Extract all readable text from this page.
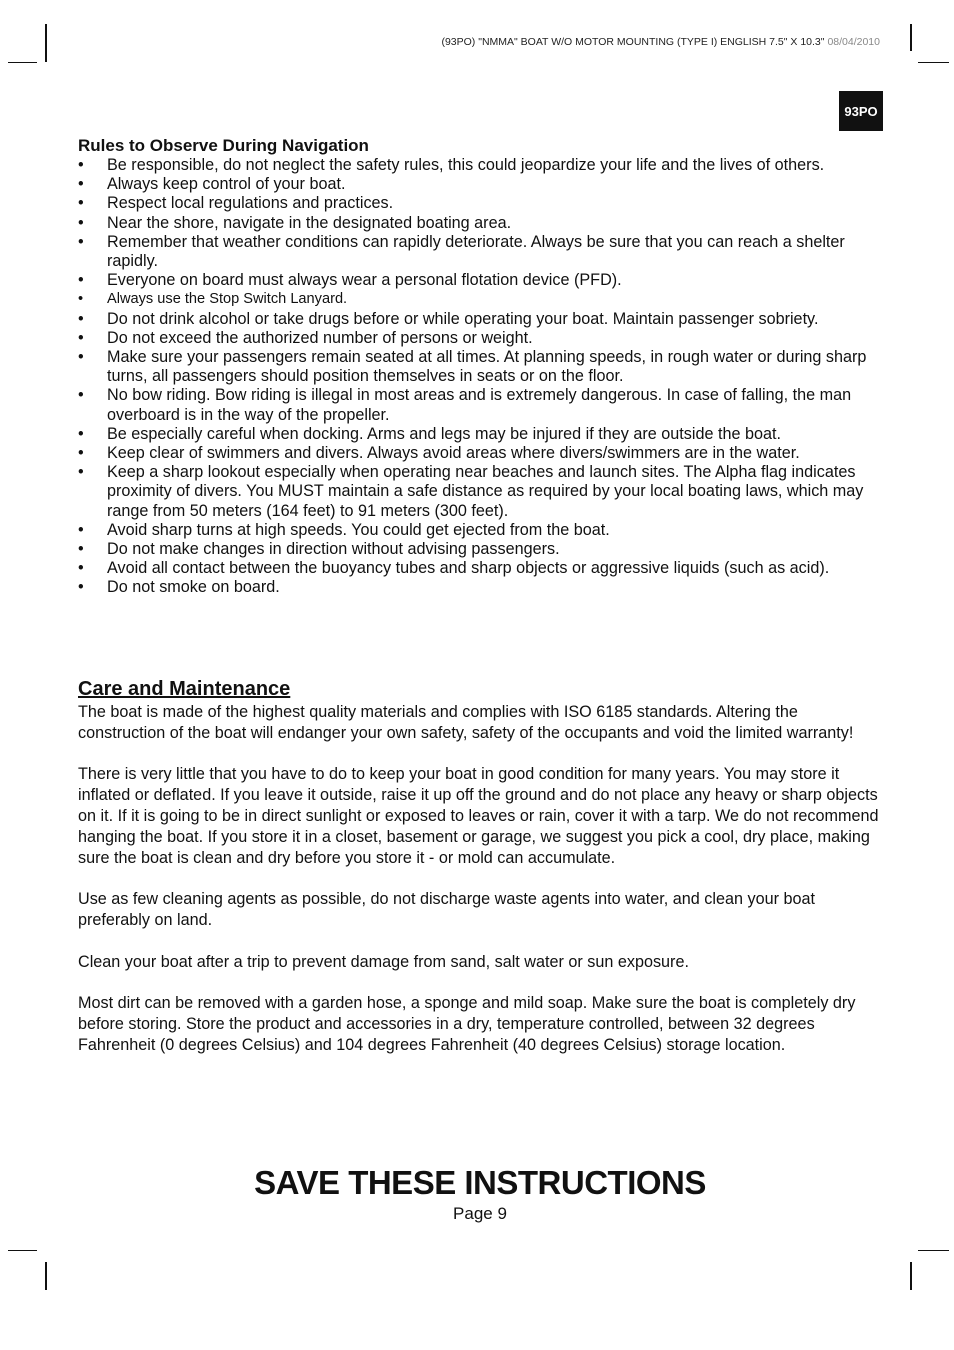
(93PO) "NMMA" BOAT W/O MOTOR MOUNTING (TYPE I) ENGLISH 7.5" X 10.3" 08/04/2010
93PO
Rules to Observe During Navigation
• Be responsible, do not neglect the safety rules, this could jeopardize your life and the lives of others.
• Always keep control of your boat.
• Respect local regulations and practices.
• Near the shore, navigate in the designated boating area.
• Remember that weather conditions can rapidly deteriorate. Always be sure that you can reach a shelter rapidly.
• Everyone on board must always wear a personal flotation device (PFD).
• Always use the Stop Switch Lanyard.
• Do not drink alcohol or take drugs before or while operating your boat. Maintain passenger sobriety.
• Do not exceed the authorized number of persons or weight.
• Make sure your passengers remain seated at all times. At planning speeds, in rough water or during sharp turns, all passengers should position themselves in seats or on the floor.
• No bow riding. Bow riding is illegal in most areas and is extremely dangerous. In case of falling, the man overboard is in the way of the propeller.
• Be especially careful when docking. Arms and legs may be injured if they are outside the boat.
• Keep clear of swimmers and divers. Always avoid areas where divers/swimmers are in the water.
• Keep a sharp lookout especially when operating near beaches and launch sites. The Alpha flag indicates proximity of divers. You MUST maintain a safe distance as required by your local boating laws, which may range from 50 meters (164 feet) to 91 meters (300 feet).
• Avoid sharp turns at high speeds. You could get ejected from the boat.
• Do not make changes in direction without advising passengers.
• Avoid all contact between the buoyancy tubes and sharp objects or aggressive liquids (such as acid).
• Do not smoke on board.
Care and Maintenance

The boat is made of the highest quality materials and complies with ISO 6185 standards. Altering the construction of the boat will endanger your own safety, safety of the occupants and void the limited warranty!

There is very little that you have to do to keep your boat in good condition for many years. You may store it inflated or deflated. If you leave it outside, raise it up off the ground and do not place any heavy or sharp objects on it. If it is going to be in direct sunlight or exposed to leaves or rain, cover it with a tarp. We do not recommend hanging the boat. If you store it in a closet, basement or garage, we suggest you pick a cool, dry place, making sure the boat is clean and dry before you store it - or mold can accumulate.

Use as few cleaning agents as possible, do not discharge waste agents into water, and clean your boat preferably on land.

Clean your boat after a trip to prevent damage from sand, salt water or sun exposure.

Most dirt can be removed with a garden hose, a sponge and mild soap. Make sure the boat is completely dry before storing. Store the product and accessories in a dry, temperature controlled, between 32 degrees Fahrenheit (0 degrees Celsius) and 104 degrees Fahrenheit (40 degrees Celsius) storage location.

SAVE THESE INSTRUCTIONS
Page 9
